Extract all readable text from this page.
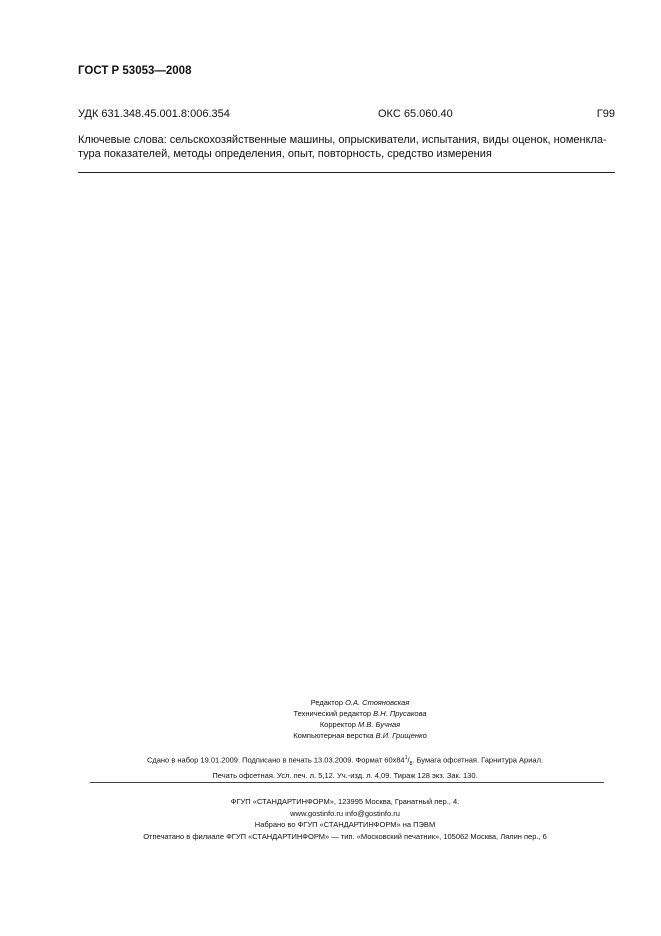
ГОСТ Р 53053—2008
УДК 631.348.45.001.8:006.354	ОКС 65.060.40	Г99
Ключевые слова: сельскохозяйственные машины, опрыскиватели, испытания, виды оценок, номенкла-
тура показателей, методы определения, опыт, повторность, средство измерения
Редактор О.А. Стояновская
Технический редактор В.Н. Прусакова
Корректор М.В. Бучная
Компьютерная верстка В.И. Грищенко
Сдано в набор 19.01.2009. Подписано в печать 13.03.2009. Формат $60x84^1/_8$. Бумага офсетная. Гарнитура Ариал.
Печать офсетная. Усл. печ. л. 5,12. Уч.-изд. л. 4,09. Тираж 128 экз. Зак. 130.
ФГУП «СТАНДАРТИНФОРМ», 123995 Москва, Гранатный пер., 4.
www.gostinfo.ru info@gostinfo.ru
Набрано во ФГУП «СТАНДАРТИНФОРМ» на ПЭВМ
Отпечатано в филиале ФГУП «СТАНДАРТИНФОРМ» — тип. «Московский печатник», 105062 Москва, Лялин пер., 6
